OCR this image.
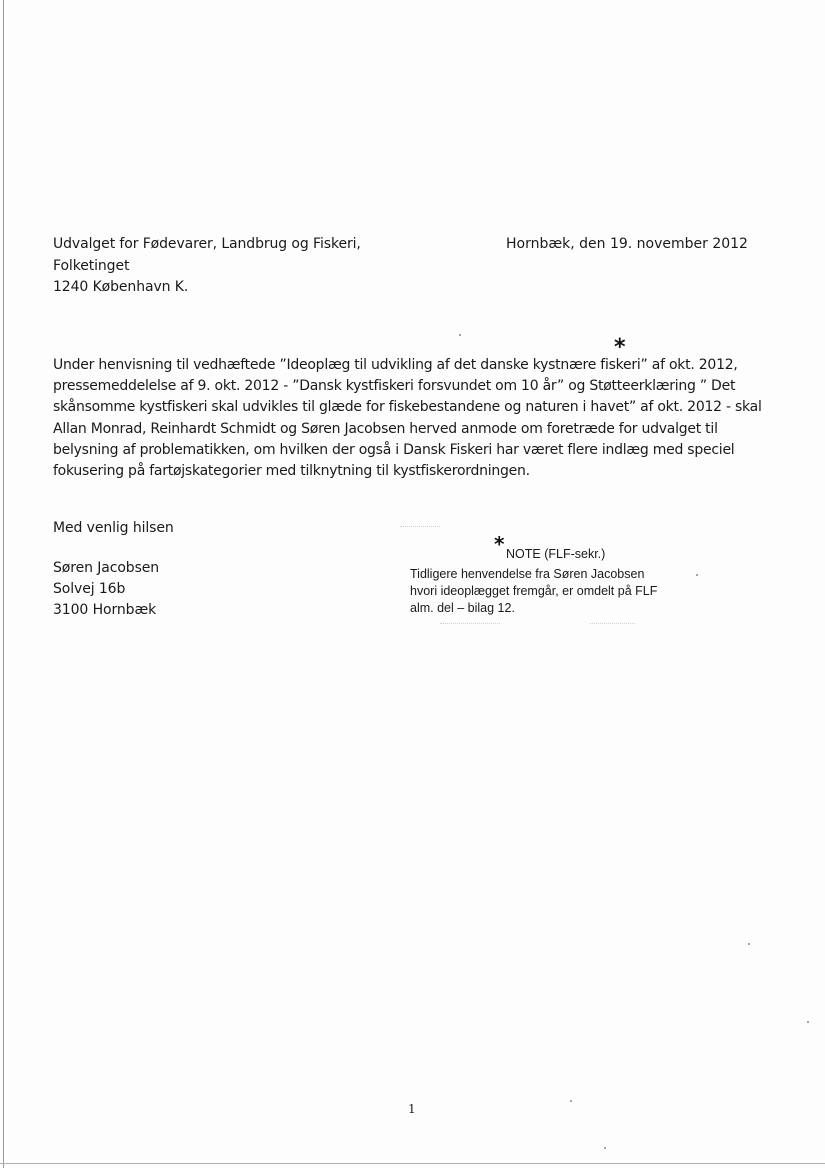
Udvalget for Fødevarer, Landbrug og Fiskeri,
Folketinget
1240 København K.
Hornbæk, den 19. november 2012
*
Under henvisning til vedhæftede ”Ideoplæg til udvikling af det danske kystnære fiskeri” af okt. 2012,
pressemeddelelse af 9. okt. 2012 - ”Dansk kystfiskeri forsvundet om 10 år” og Støtteerklæring ” Det
skånsomme kystfiskeri skal udvikles til glæde for fiskebestandene og naturen i havet” af okt. 2012 - skal
Allan Monrad, Reinhardt Schmidt og Søren Jacobsen herved anmode om foretræde for udvalget til
belysning af problematikken, om hvilken der også i Dansk Fiskeri har været flere indlæg med speciel
fokusering på fartøjskategorier med tilknytning til kystfiskerordningen.
Med venlig hilsen
Søren Jacobsen
Solvej 16b
3100 Hornbæk
* NOTE (FLF-sekr.)
Tidligere henvendelse fra Søren Jacobsen
hvori ideoplægget fremgår, er omdelt på FLF
alm. del – bilag 12.
1
